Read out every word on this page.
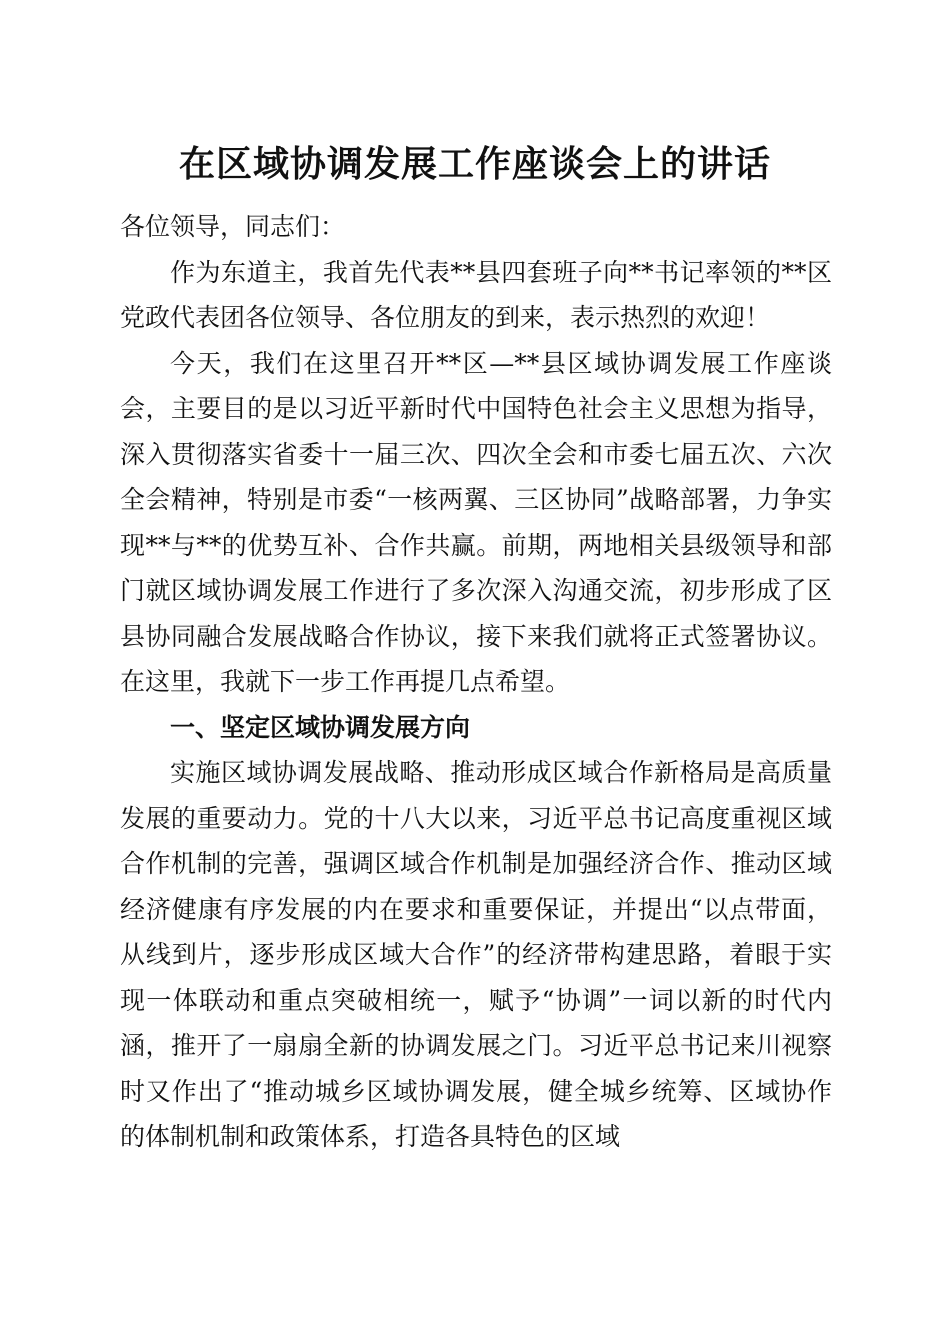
在区域协调发展工作座谈会上的讲话

各位领导，同志们：

作为东道主，我首先代表**县四套班子向**书记率领的**区党政代表团各位领导、各位朋友的到来，表示热烈的欢迎！

今天，我们在这里召开**区—**县区域协调发展工作座谈会，主要目的是以习近平新时代中国特色社会主义思想为指导，深入贯彻落实省委十一届三次、四次全会和市委七届五次、六次全会精神，特别是市委“一核两翼、三区协同”战略部署，力争实现**与**的优势互补、合作共赢。前期，两地相关县级领导和部门就区域协调发展工作进行了多次深入沟通交流，初步形成了区县协同融合发展战略合作协议，接下来我们就将正式签署协议。在这里，我就下一步工作再提几点希望。

一、坚定区域协调发展方向

实施区域协调发展战略、推动形成区域合作新格局是高质量发展的重要动力。党的十八大以来，习近平总书记高度重视区域合作机制的完善，强调区域合作机制是加强经济合作、推动区域经济健康有序发展的内在要求和重要保证，并提出“以点带面，从线到片，逐步形成区域大合作”的经济带构建思路，着眼于实现一体联动和重点突破相统一，赋予“协调”一词以新的时代内涵，推开了一扇扇全新的协调发展之门。习近平总书记来川视察时又作出了“推动城乡区域协调发展，健全城乡统筹、区域协作的体制机制和政策体系，打造各具特色的区域
